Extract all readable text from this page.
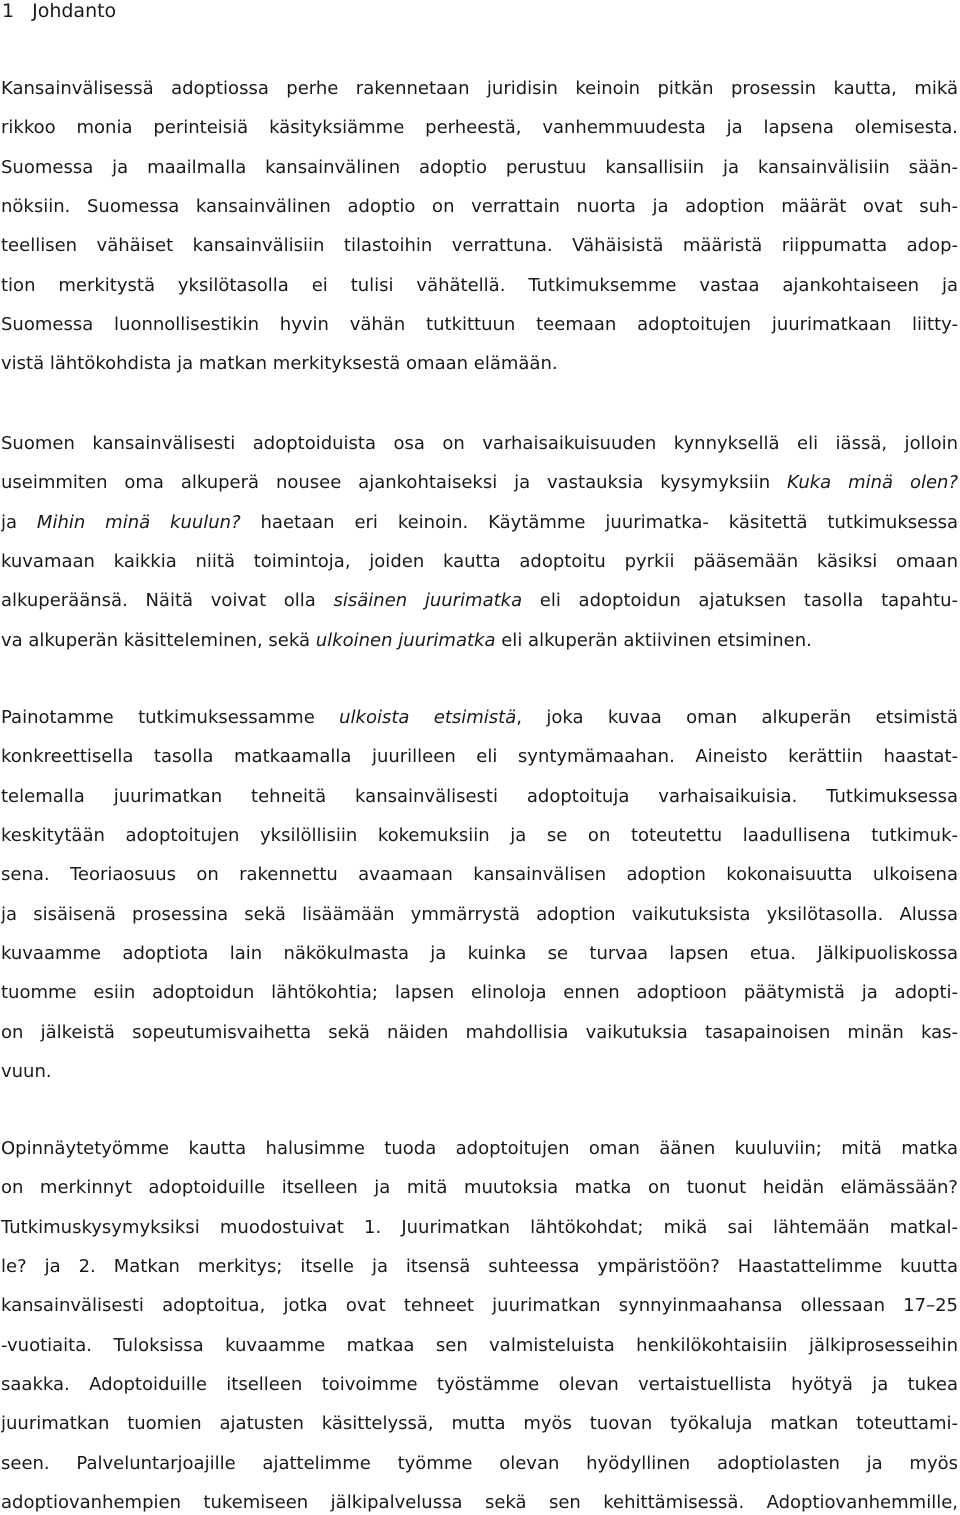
1 Johdanto
Kansainvälisessä adoptiossa perhe rakennetaan juridisin keinoin pitkän prosessin kautta, mikä
rikkoo monia perinteisiä käsityksiämme perheestä, vanhemmuudesta ja lapsena olemisesta.
Suomessa ja maailmalla kansainvälinen adoptio perustuu kansallisiin ja kansainvälisiin sään-
nöksiin. Suomessa kansainvälinen adoptio on verrattain nuorta ja adoption määrät ovat suh-
teellisen vähäiset kansainvälisiin tilastoihin verrattuna. Vähäisistä määristä riippumatta adop-
tion merkitystä yksilötasolla ei tulisi vähätellä. Tutkimuksemme vastaa ajankohtaiseen ja
Suomessa luonnollisestikin hyvin vähän tutkittuun teemaan adoptoitujen juurimatkaan liitty-
vistä lähtökohdista ja matkan merkityksestä omaan elämään.
Suomen kansainvälisesti adoptoiduista osa on varhaisaikuisuuden kynnyksellä eli iässä, jolloin
useimmiten oma alkuperä nousee ajankohtaiseksi ja vastauksia kysymyksiin Kuka minä olen?
ja Mihin minä kuulun? haetaan eri keinoin. Käytämme juurimatka- käsitettä tutkimuksessa
kuvamaan kaikkia niitä toimintoja, joiden kautta adoptoitu pyrkii pääsemään käsiksi omaan
alkuperäänsä. Näitä voivat olla sisäinen juurimatka eli adoptoidun ajatuksen tasolla tapahtu-
va alkuperän käsitteleminen, sekä ulkoinen juurimatka eli alkuperän aktiivinen etsiminen.
Painotamme tutkimuksessamme ulkoista etsimistä, joka kuvaa oman alkuperän etsimistä
konkreettisella tasolla matkaamalla juurilleen eli syntymämaahan. Aineisto kerättiin haastat-
telemalla juurimatkan tehneitä kansainvälisesti adoptoituja varhaisaikuisia. Tutkimuksessa
keskitytään adoptoitujen yksilöllisiin kokemuksiin ja se on toteutettu laadullisena tutkimuk-
sena. Teoriaosuus on rakennettu avaamaan kansainvälisen adoption kokonaisuutta ulkoisena
ja sisäisenä prosessina sekä lisäämään ymmärrystä adoption vaikutuksista yksilötasolla. Alussa
kuvaamme adoptiota lain näkökulmasta ja kuinka se turvaa lapsen etua. Jälkipuoliskossa
tuomme esiin adoptoidun lähtökohtia; lapsen elinoloja ennen adoptioon päätymistä ja adopti-
on jälkeistä sopeutumisvaihetta sekä näiden mahdollisia vaikutuksia tasapainoisen minän kas-
vuun.
Opinnäytetyömme kautta halusimme tuoda adoptoitujen oman äänen kuuluviin; mitä matka
on merkinnyt adoptoiduille itselleen ja mitä muutoksia matka on tuonut heidän elämässään?
Tutkimuskysymyksiksi muodostuivat 1. Juurimatkan lähtökohdat; mikä sai lähtemään matkal-
le? ja 2. Matkan merkitys; itselle ja itsensä suhteessa ympäristöön? Haastattelimme kuutta
kansainvälisesti adoptoitua, jotka ovat tehneet juurimatkan synnyinmaahansa ollessaan 17–25
-vuotiaita. Tuloksissa kuvaamme matkaa sen valmisteluista henkilökohtaisiin jälkiprosesseihin
saakka. Adoptoiduille itselleen toivoimme työstämme olevan vertaistuellista hyötyä ja tukea
juurimatkan tuomien ajatusten käsittelyssä, mutta myös tuovan työkaluja matkan toteuttami-
seen. Palveluntarjoajille ajattelimme työmme olevan hyödyllinen adoptiolasten ja myös
adoptiovanhempien tukemiseen jälkipalvelussa sekä sen kehittämisessä. Adoptiovanhemmille,
